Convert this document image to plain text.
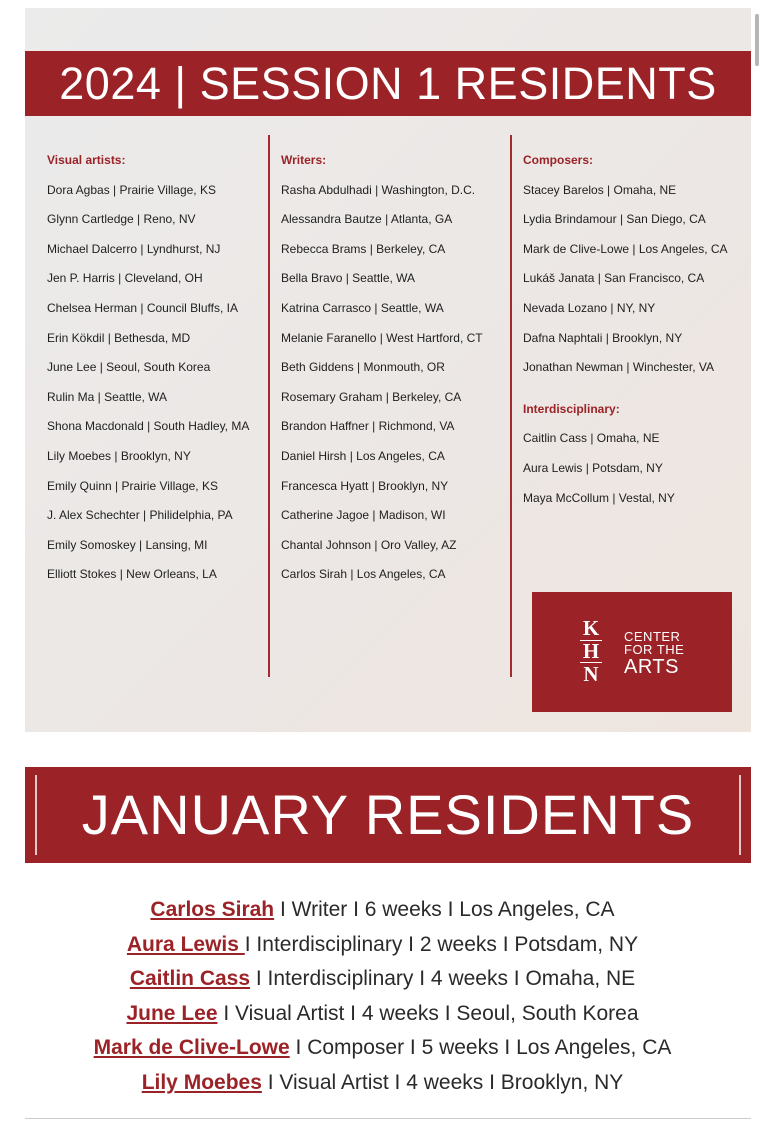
2024 | SESSION 1 RESIDENTS
Visual artists:
Dora Agbas | Prairie Village, KS
Glynn Cartledge | Reno, NV
Michael Dalcerro | Lyndhurst, NJ
Jen P. Harris | Cleveland, OH
Chelsea Herman | Council Bluffs, IA
Erin Kökdil | Bethesda, MD
June Lee | Seoul, South Korea
Rulin Ma | Seattle, WA
Shona Macdonald | South Hadley, MA
Lily Moebes | Brooklyn, NY
Emily Quinn | Prairie Village, KS
J. Alex Schechter | Philidelphia, PA
Emily Somoskey | Lansing, MI
Elliott Stokes | New Orleans, LA
Writers:
Rasha Abdulhadi | Washington, D.C.
Alessandra Bautze | Atlanta, GA
Rebecca Brams | Berkeley, CA
Bella Bravo | Seattle, WA
Katrina Carrasco | Seattle, WA
Melanie Faranello | West Hartford, CT
Beth Giddens | Monmouth, OR
Rosemary Graham | Berkeley, CA
Brandon Haffner | Richmond, VA
Daniel Hirsh | Los Angeles, CA
Francesca Hyatt | Brooklyn, NY
Catherine Jagoe | Madison, WI
Chantal Johnson | Oro Valley, AZ
Carlos Sirah | Los Angeles, CA
Composers:
Stacey Barelos | Omaha, NE
Lydia Brindamour | San Diego, CA
Mark de Clive-Lowe | Los Angeles, CA
Lukáš Janata | San Francisco, CA
Nevada Lozano | NY, NY
Dafna Naphtali | Brooklyn, NY
Jonathan Newman | Winchester, VA
Interdisciplinary:
Caitlin Cass | Omaha, NE
Aura Lewis | Potsdam, NY
Maya McCollum | Vestal, NY
K
H
N
CENTER
FOR THE
ARTS
JANUARY RESIDENTS
Carlos Sirah I Writer I 6 weeks I Los Angeles, CA
Aura Lewis I Interdisciplinary I 2 weeks I Potsdam, NY
Caitlin Cass I Interdisciplinary I 4 weeks I Omaha, NE
June Lee I Visual Artist I 4 weeks I Seoul, South Korea
Mark de Clive-Lowe I Composer I 5 weeks I Los Angeles, CA
Lily Moebes I Visual Artist I 4 weeks I Brooklyn, NY
